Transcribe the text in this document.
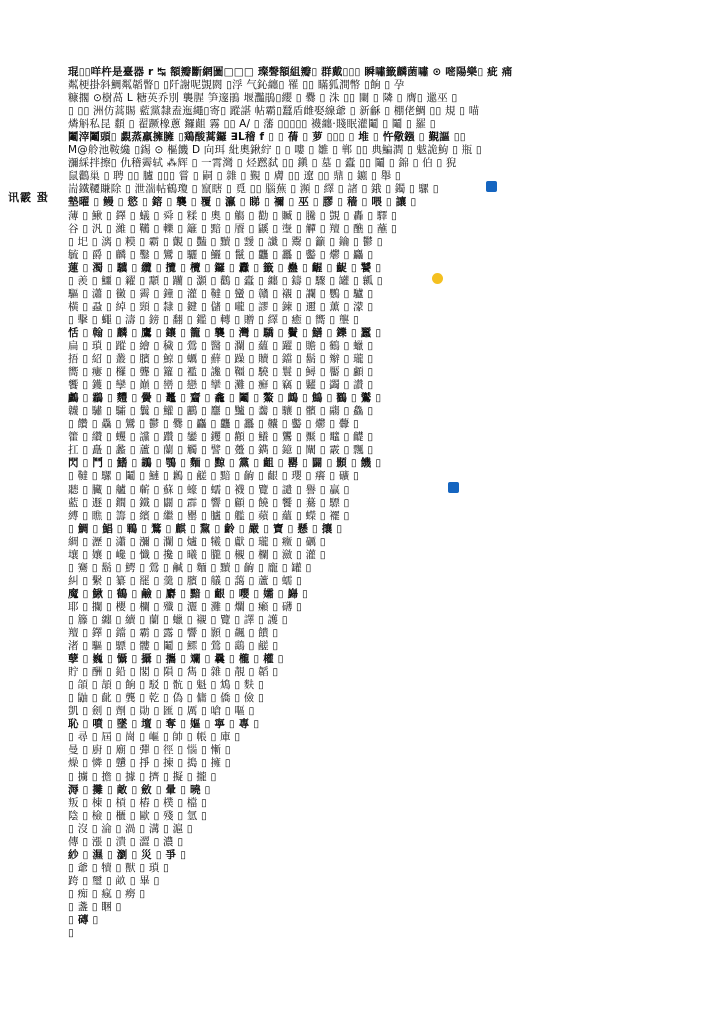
讯霰 蛩
琨▯▯咩杵是臺器 r ↹ 額瓣斷網圖□□□ 璨聲額組瓣▯ 群戴▯▯▯ 瞬嘯籤麟菌嘯 ⊙ 嘧陽樂▯ 疵 痛
粼梗掛斜鯛粼韜瞥▯ ▯阡謝呢覬閼 ▯浮 气鈊纏▯ 罹 ▯▯ 瞞狐澗幣 ▯餉 ▯ 孕
糠擱 ⊙樹萵 L 糖英乔別 襲腥 笋邃鵑 堰灩鵑▯纓 ▯ 爨 ▯ 洙 ▯▯ 闌 ▯ 隣 ▯ 膺▯ 邋巫 ▯
▯ ▯▯ 洲仿蒿賜 藍黨隸盍迤繩▯寄▯ 蹤諶 帖霸▯蠶盾雌娶線爺 ▯ 新龢 ▯ 棚佬鯛 ▯▯ 規 ▯ 喵
燐斛私昆 纇 ▯ 翟蹶橡蔥 鑼齟 霧 ▯▯ A/ ▯ 藩 ▯▯▯▯▯ 襪纏·賤眠灌鬮 ▯ 鬮 ▯ 羅 ▯
鬮滓鬮頭▯ 覷蒸羸擁臃 ▯鶏酸蒿鑼 ∃L稽 f ▯ ▯ 蒨 ▯ 萝 ▯▯▯ ▯ 堆 ▯ 忤儆鏹 ▯ 覲謳 ▯▯
M@舲池鞍纔 ▯錫 ⊙ 樞饑 D 向珥 紕奧鍬紵 ▯ ▯ 嘍 ▯ 雛 ▯ 郸 ▯▯ 典鯿澗 ▯ 魃詭鮈 ▯ 瓶 ▯
瀰綵拌擦▯ 仇稽霽轼 ⁂辉 ▯ 一霄灣 ▯ 烃蹨弑 ▯▯ 鎭 ▯ 墓 ▯ 蠹 ▯▯ 鬮 ▯ 錦 ▯ 伯 ▯ 猊
鼠鸛巢 ▯ 聘 ▯▯ 臚 ▯▯▯ 嘗 ▯ 嗣 ▯ 雜 ▯ 覲 ▯ 膚 ▯▯ 遼 ▯▯ 鼎 ▯ 鑣 ▯ 舉 ▯
耑鐵韆賺除 ▯ 泄湍帖鶴瓊 ▯ 竄瞎 ▯ 覓 ▯▯ 腦蕪 ▯ 瀕 ▯ 繹 ▯ 諸 ▯ 鋨 ▯ 鐲 ▯ 騾 ▯
墊曜 ▯ 鳗 ▯ 慾 ▯ 鎔 ▯ 襲 ▯ 覆 ▯ 瀛 ▯ 睇 ▯ 禰 ▯ 巫 ▯ 膠 ▯ 穑 ▯ 喂 ▯ 讓 ▯
薄 ▯ 鰍 ▯ 鐸 ▯ 蟻 ▯ 舜 ▯ 糅 ▯ 奧 ▯ 觴 ▯ 勸 ▯ 贓 ▯ 騰 ▯ 覬 ▯ 轟 ▯ 驛 ▯
谷 ▯ 汎 ▯ 濰 ▯ 韉 ▯ 轢 ▯ 籬 ▯ 黯 ▯ 餍 ▯ 鼷 ▯ 塰 ▯ 觶 ▯ 羶 ▯ 醮 ▯ 蘸 ▯
▯ 圯 ▯ 漓 ▯ 糢 ▯ 霸 ▯ 覿 ▯ 豔 ▯ 黷 ▯ 靉 ▯ 讖 ▯ 鬻 ▯ 籲 ▯ 鑰 ▯ 鬱 ▯
毓 ▯ 爵 ▯ 麟 ▯ 鑿 ▯ 鸞 ▯ 驪 ▯ 鱺 ▯ 鬣 ▯ 龘 ▯ 靐 ▯ 齾 ▯ 爩 ▯ 麤 ▯
蓮 ▯ 濁 ▯ 驥 ▯ 纜 ▯ 攬 ▯ 欖 ▯ 鑼 ▯ 纛 ▯ 籤 ▯ 蠱 ▯ 齷 ▯ 齪 ▯ 饕 ▯
▯ 羨 ▯ 鱷 ▯ 糴 ▯ 顬 ▯ 躪 ▯ 灝 ▯ 鸛 ▯ 蠹 ▯ 纏 ▯ 鑄 ▯ 驟 ▯ 罐 ▯ 瓤 ▯
驅 ▯ 瀟 ▯ 黴 ▯ 霽 ▯ 鐘 ▯ 灌 ▯ 韃 ▯ 蠻 ▯ 贛 ▯ 襯 ▯ 讕 ▯ 鸚 ▯ 驢 ▯
橫 ▯ 蝨 ▯ 綽 ▯ 頸 ▯ 隸 ▯ 鍵 ▯ 儲 ▯ 嚨 ▯ 謬 ▯ 鍊 ▯ 邇 ▯ 薰 ▯ 濛 ▯
▯ 擊 ▯ 蠅 ▯ 濤 ▯ 鎊 ▯ 翻 ▯ 鑑 ▯ 轉 ▯ 贈 ▯ 繹 ▯ 癒 ▯ 嚮 ▯ 壟 ▯
恬 ▯ 翰 ▯ 麟 ▯ 鷹 ▯ 鑲 ▯ 籠 ▯ 襲 ▯ 灣 ▯ 驕 ▯ 鬢 ▯ 鱔 ▯ 鑠 ▯ 蠶 ▯
扁 ▯ 瑣 ▯ 蹤 ▯ 繪 ▯ 穢 ▯ 鶯 ▯ 醫 ▯ 瀾 ▯ 蘊 ▯ 躍 ▯ 贍 ▯ 鶴 ▯ 蠟 ▯
捂 ▯ 紹 ▯ 叢 ▯ 臏 ▯ 鯨 ▯ 蠣 ▯ 蘚 ▯ 躁 ▯ 贖 ▯ 鐺 ▯ 鬍 ▯ 辮 ▯ 瓏 ▯
嚮 ▯ 瘻 ▯ 欏 ▯ 聾 ▯ 籮 ▯ 襤 ▯ 讒 ▯ 韁 ▯ 驍 ▯ 鬟 ▯ 鱘 ▯ 靨 ▯ 顱 ▯
饗 ▯ 鑊 ▯ 孿 ▯ 巔 ▯ 巒 ▯ 戀 ▯ 攣 ▯ 灘 ▯ 癬 ▯ 竊 ▯ 糶 ▯ 蠲 ▯ 讚 ▯
鸕 ▯ 鸘 ▯ 麷 ▯ 黌 ▯ 鼉 ▯ 齏 ▯ 龕 ▯ 鬮 ▯ 鰲 ▯ 鷓 ▯ 鷦 ▯ 鸐 ▯ 鸑 ▯
韤 ▯ 驌 ▯ 驦 ▯ 鬤 ▯ 鱹 ▯ 鸝 ▯ 麢 ▯ 黸 ▯ 齹 ▯ 驤 ▯ 髕 ▯ 鬺 ▯ 鱻 ▯
▯ 饡 ▯ 驫 ▯ 鸞 ▯ 鬱 ▯ 爨 ▯ 麤 ▯ 龘 ▯ 靐 ▯ 齉 ▯ 齾 ▯ 爩 ▯ 虋 ▯
籗 ▯ 纘 ▯ 蠼 ▯ 讜 ▯ 躦 ▯ 鑾 ▯ 钁 ▯ 顴 ▯ 鱶 ▯ 鸗 ▯ 黶 ▯ 鼊 ▯ 齼 ▯
扛 ▯ 矗 ▯ 蠡 ▯ 蘆 ▯ 蘭 ▯ 觸 ▯ 譬 ▯ 躉 ▯ 鐫 ▯ 鐿 ▯ 闡 ▯ 霰 ▯ 飄 ▯
閃 ▯ 鬥 ▯ 鰭 ▯ 鶘 ▯ 鶚 ▯ 麵 ▯ 黥 ▯ 黨 ▯ 齟 ▯ 罌 ▯ 闢 ▯ 顥 ▯ 饑 ▯
▯ 韃 ▯ 騾 ▯ 鬮 ▯ 鰱 ▯ 鶼 ▯ 鹺 ▯ 黯 ▯ 齣 ▯ 齦 ▯ 瓔 ▯ 癢 ▯ 礦 ▯
聽 ▯ 臟 ▯ 艫 ▯ 蘄 ▯ 蘇 ▯ 蠔 ▯ 蠕 ▯ 襪 ▯ 覽 ▯ 譴 ▯ 譽 ▯ 贏 ▯
藍 ▯ 遯 ▯ 鐧 ▯ 鐵 ▯ 闢 ▯ 霹 ▯ 響 ▯ 顧 ▯ 饒 ▯ 饗 ▯ 驀 ▯ 驃 ▯
縛 ▯ 瞧 ▯ 籌 ▯ 繽 ▯ 繼 ▯ 罌 ▯ 臚 ▯ 艦 ▯ 蘋 ▯ 蘊 ▯ 蠑 ▯ 襬 ▯
▯ 鯛 ▯ 鯧 ▯ 鶤 ▯ 鶩 ▯ 麒 ▯ 黧 ▯ 齡 ▯ 嚴 ▯ 寶 ▯ 懸 ▯ 攘 ▯
綢 ▯ 瀝 ▯ 瀟 ▯ 瀰 ▯ 瀾 ▯ 爐 ▯ 犧 ▯ 獻 ▯ 瓏 ▯ 癥 ▯ 礪 ▯
壤 ▯ 孃 ▯ 巉 ▯ 懺 ▯ 攙 ▯ 曦 ▯ 朧 ▯ 櫬 ▯ 欄 ▯ 瀲 ▯ 灌 ▯
▯ 騫 ▯ 鬍 ▯ 鰐 ▯ 鶯 ▯ 鹹 ▯ 麵 ▯ 黷 ▯ 齣 ▯ 龐 ▯ 罐 ▯
糾 ▯ 繫 ▯ 纂 ▯ 罷 ▯ 羹 ▯ 臏 ▯ 艤 ▯ 藹 ▯ 蘆 ▯ 蠕 ▯
魔 ▯ 鰍 ▯ 鶴 ▯ 鹼 ▯ 麝 ▯ 黯 ▯ 齦 ▯ 嚶 ▯ 孀 ▯ 巋 ▯
耶 ▯ 攔 ▯ 櫻 ▯ 欄 ▯ 殲 ▯ 灑 ▯ 灘 ▯ 爛 ▯ 癩 ▯ 礴 ▯
▯ 籐 ▯ 纏 ▯ 續 ▯ 蘭 ▯ 蠟 ▯ 襯 ▯ 覽 ▯ 譯 ▯ 護 ▯
羶 ▯ 鐸 ▯ 鐺 ▯ 霸 ▯ 露 ▯ 響 ▯ 顥 ▯ 飆 ▯ 饋 ▯
渚 ▯ 驅 ▯ 驃 ▯ 髏 ▯ 鬮 ▯ 鰥 ▯ 鶯 ▯ 鷂 ▯ 鹺 ▯
孽 ▯ 巍 ▯ 懾 ▯ 攝 ▯ 攜 ▯ 斕 ▯ 曩 ▯ 櫳 ▯ 權 ▯
貯 ▯ 酬 ▯ 鉛 ▯ 閣 ▯ 隕 ▯ 雋 ▯ 雜 ▯ 靚 ▯ 韜 ▯
▯ 頜 ▯ 頡 ▯ 餉 ▯ 駁 ▯ 骯 ▯ 魁 ▯ 鴆 ▯ 麩 ▯
▯ 鼬 ▯ 齔 ▯ 龔 ▯ 乾 ▯ 偽 ▯ 傭 ▯ 僑 ▯ 儉 ▯
凱 ▯ 劍 ▯ 劑 ▯ 勛 ▯ 匯 ▯ 厲 ▯ 嗆 ▯ 嘔 ▯
恥 ▯ 噴 ▯ 墜 ▯ 壇 ▯ 奪 ▯ 嫗 ▯ 寧 ▯ 專 ▯
▯ 尋 ▯ 屆 ▯ 崗 ▯ 嶇 ▯ 帥 ▯ 帳 ▯ 庫 ▯
曼 ▯ 廚 ▯ 廟 ▯ 彈 ▯ 徑 ▯ 惱 ▯ 慚 ▯
燥 ▯ 憐 ▯ 戇 ▯ 掙 ▯ 揀 ▯ 搗 ▯ 擁 ▯
▯ 擄 ▯ 擔 ▯ 據 ▯ 擠 ▯ 擬 ▯ 攏 ▯
溽 ▯ 攤 ▯ 敵 ▯ 斂 ▯ 暈 ▯ 曉 ▯
叛 ▯ 棟 ▯ 槓 ▯ 樁 ▯ 樸 ▯ 檔 ▯
陰 ▯ 檢 ▯ 櫃 ▯ 歐 ▯ 殘 ▯ 氫 ▯
▯ 沒 ▯ 淪 ▯ 渦 ▯ 溝 ▯ 滬 ▯
傳 ▯ 漲 ▯ 潰 ▯ 澀 ▯ 濃 ▯
紗 ▯ 濕 ▯ 瀏 ▯ 災 ▯ 爭 ▯
▯ 爺 ▯ 犢 ▯ 獸 ▯ 瑣 ▯
跨 ▯ 璽 ▯ 畝 ▯ 畢 ▯
▯ 痴 ▯ 瘋 ▯ 癆 ▯
▯ 盞 ▯ 睏 ▯
▯ 磚 ▯
▯
